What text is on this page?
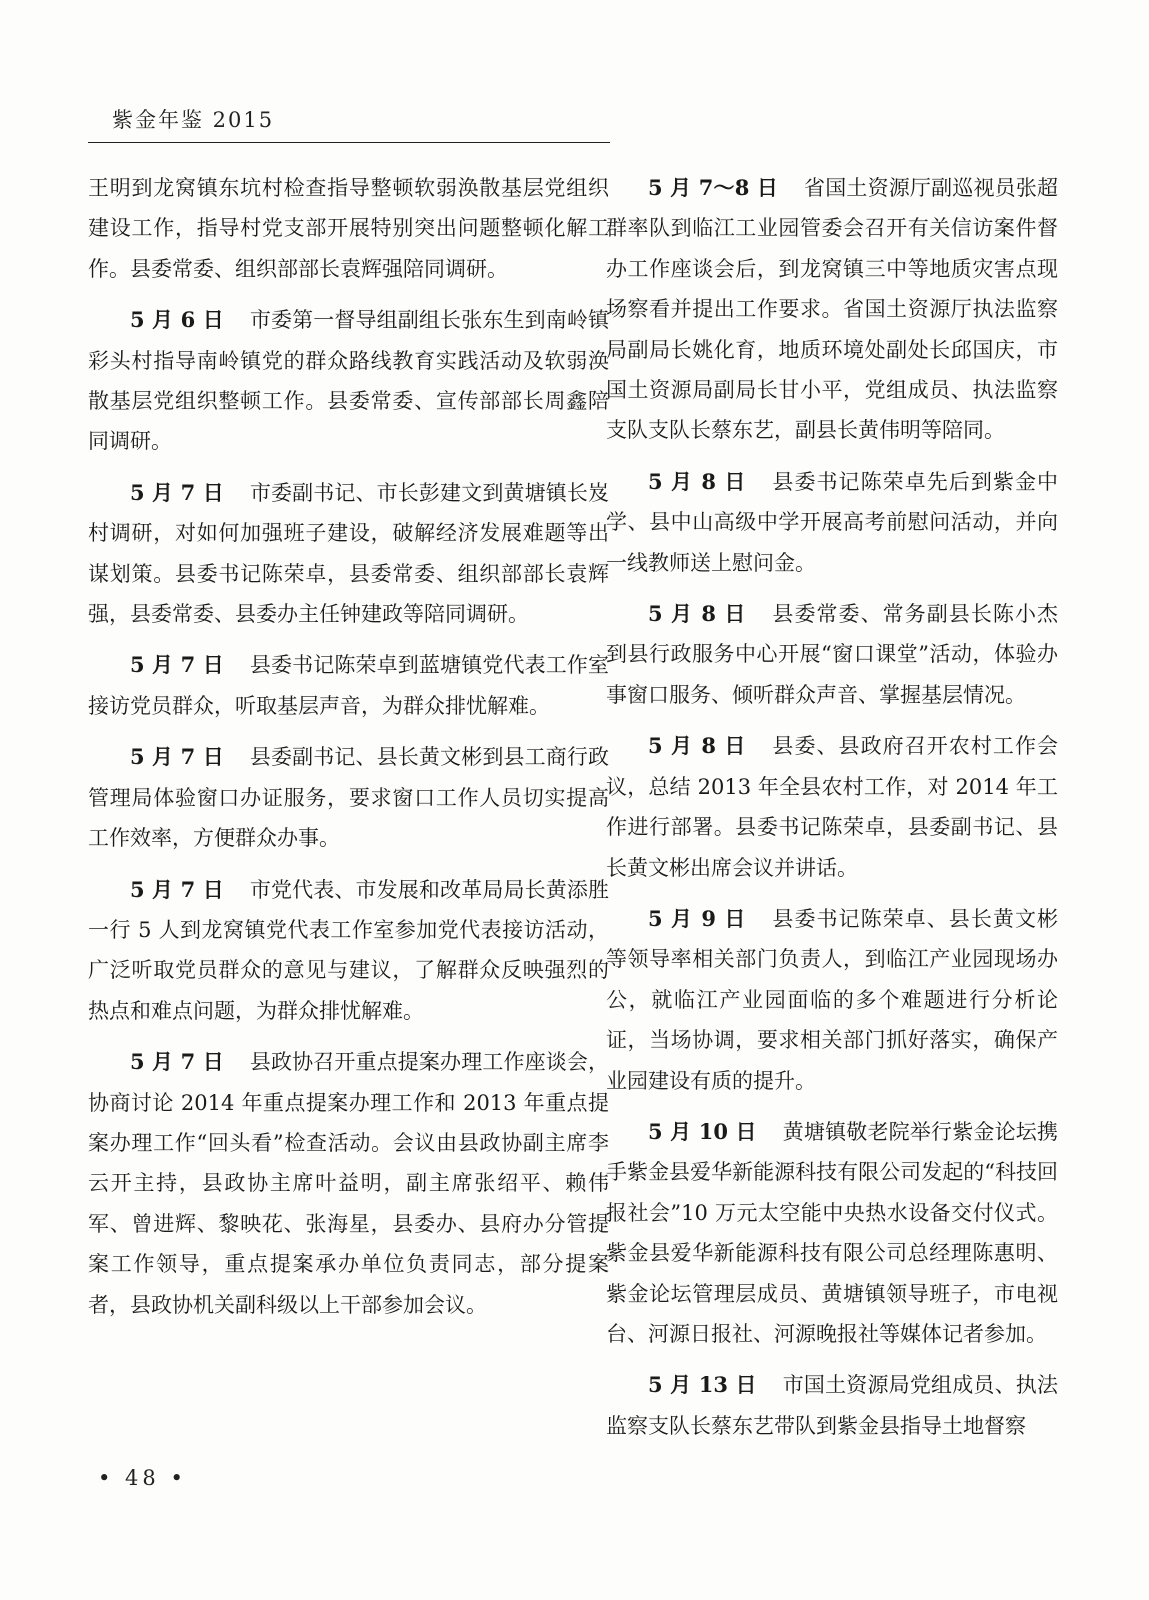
紫金年鉴 2015

王明到龙窝镇东坑村检查指导整顿软弱涣散基层党组织建设工作，指导村党支部开展特别突出问题整顿化解工作。县委常委、组织部部长袁辉强陪同调研。

5 月 6 日 市委第一督导组副组长张东生到南岭镇彩头村指导南岭镇党的群众路线教育实践活动及软弱涣散基层党组织整顿工作。县委常委、宣传部部长周鑫陪同调研。

5 月 7 日 市委副书记、市长彭建文到黄塘镇长岌村调研，对如何加强班子建设，破解经济发展难题等出谋划策。县委书记陈荣卓，县委常委、组织部部长袁辉强，县委常委、县委办主任钟建政等陪同调研。

5 月 7 日 县委书记陈荣卓到蓝塘镇党代表工作室接访党员群众，听取基层声音，为群众排忧解难。

5 月 7 日 县委副书记、县长黄文彬到县工商行政管理局体验窗口办证服务，要求窗口工作人员切实提高工作效率，方便群众办事。

5 月 7 日 市党代表、市发展和改革局局长黄添胜一行 5 人到龙窝镇党代表工作室参加党代表接访活动，广泛听取党员群众的意见与建议，了解群众反映强烈的热点和难点问题，为群众排忧解难。

5 月 7 日 县政协召开重点提案办理工作座谈会，协商讨论 2014 年重点提案办理工作和 2013 年重点提案办理工作“回头看”检查活动。会议由县政协副主席李云开主持，县政协主席叶益明，副主席张绍平、赖伟军、曾进辉、黎映花、张海星，县委办、县府办分管提案工作领导，重点提案承办单位负责同志，部分提案者，县政协机关副科级以上干部参加会议。

5 月 7～8 日 省国土资源厅副巡视员张超群率队到临江工业园管委会召开有关信访案件督办工作座谈会后，到龙窝镇三中等地质灾害点现场察看并提出工作要求。省国土资源厅执法监察局副局长姚化育，地质环境处副处长邱国庆，市国土资源局副局长甘小平，党组成员、执法监察支队支队长蔡东艺，副县长黄伟明等陪同。

5 月 8 日 县委书记陈荣卓先后到紫金中学、县中山高级中学开展高考前慰问活动，并向一线教师送上慰问金。

5 月 8 日 县委常委、常务副县长陈小杰到县行政服务中心开展“窗口课堂”活动，体验办事窗口服务、倾听群众声音、掌握基层情况。

5 月 8 日 县委、县政府召开农村工作会议，总结 2013 年全县农村工作，对 2014 年工作进行部署。县委书记陈荣卓，县委副书记、县长黄文彬出席会议并讲话。

5 月 9 日 县委书记陈荣卓、县长黄文彬等领导率相关部门负责人，到临江产业园现场办公，就临江产业园面临的多个难题进行分析论证，当场协调，要求相关部门抓好落实，确保产业园建设有质的提升。

5 月 10 日 黄塘镇敬老院举行紫金论坛携手紫金县爱华新能源科技有限公司发起的“科技回报社会”10 万元太空能中央热水设备交付仪式。紫金县爱华新能源科技有限公司总经理陈惠明、紫金论坛管理层成员、黄塘镇领导班子，市电视台、河源日报社、河源晚报社等媒体记者参加。

5 月 13 日 市国土资源局党组成员、执法监察支队长蔡东艺带队到紫金县指导土地督察

• 48 •
